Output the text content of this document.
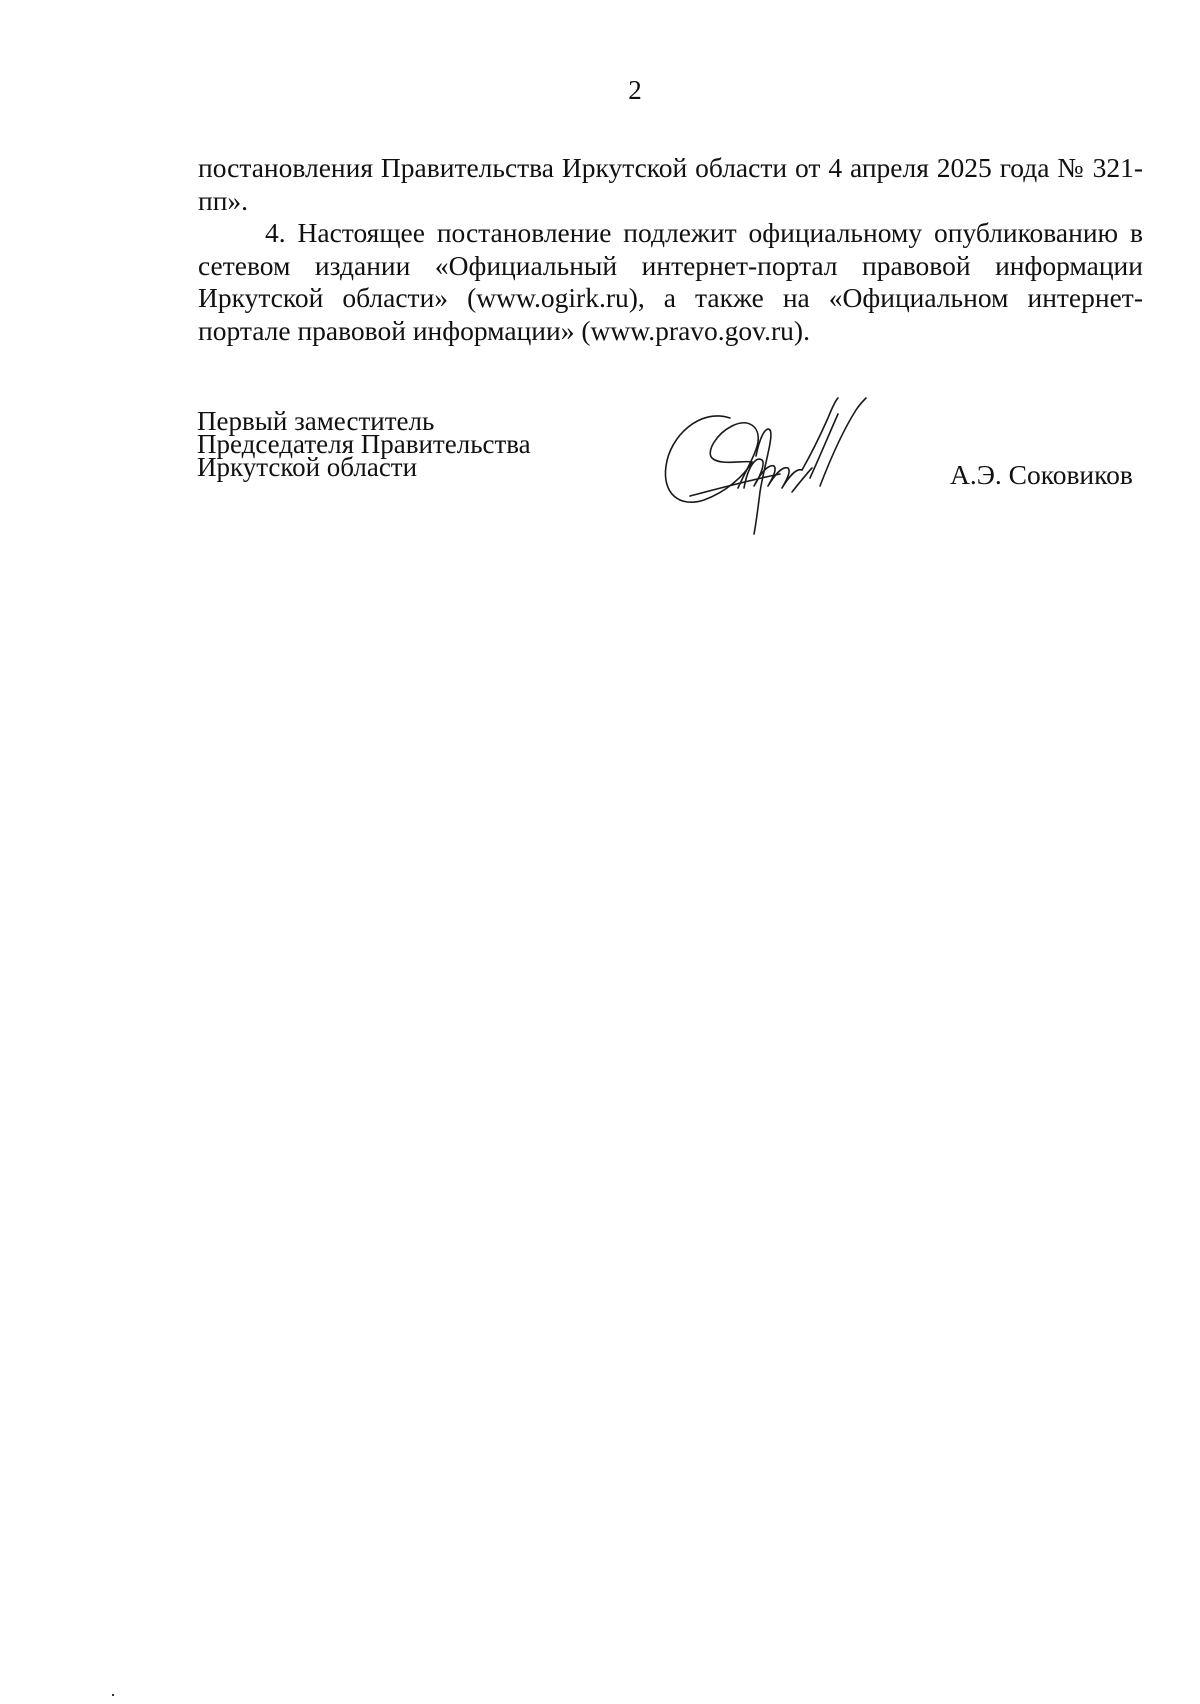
2

постановления Правительства Иркутской области от 4 апреля 2025 года № 321-пп».

4. Настоящее постановление подлежит официальному опубликованию в сетевом издании «Официальный интернет-портал правовой информации Иркутской области» (www.ogirk.ru), а также на «Официальном интернет-портале правовой информации» (www.pravo.gov.ru).

Первый заместитель
Председателя Правительства
Иркутской области	А.Э. Соковиков
